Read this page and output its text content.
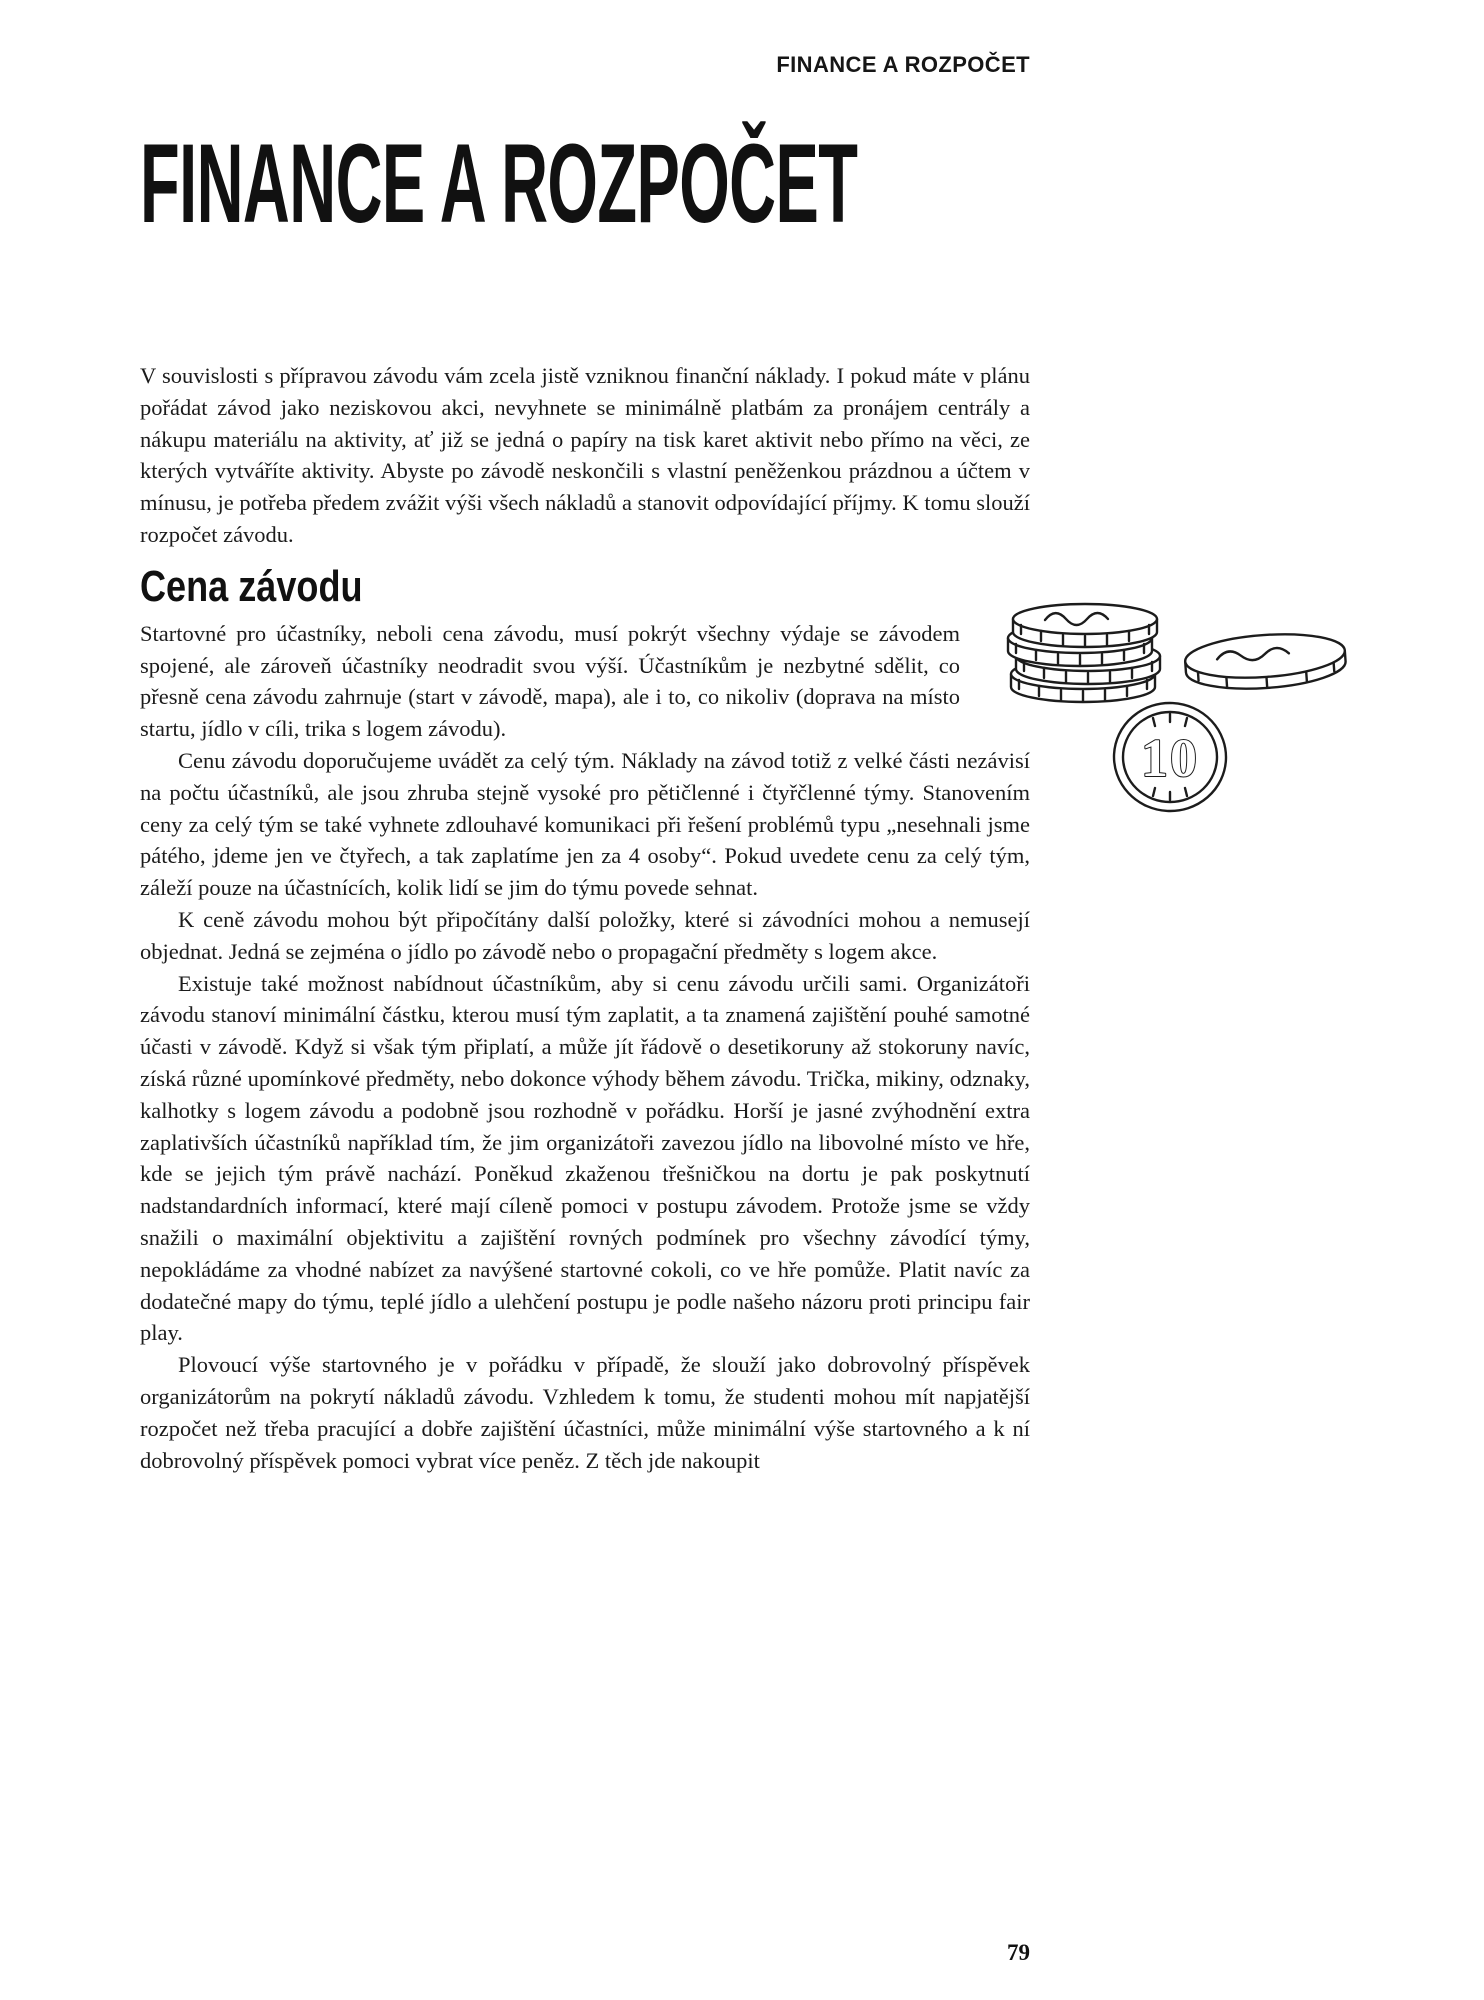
FINANCE A ROZPOČET
FINANCE A ROZPOČET

V souvislosti s přípravou závodu vám zcela jistě vzniknou finanční náklady. I pokud máte v plánu pořádat závod jako neziskovou akci, nevyhnete se minimálně platbám za pronájem centrály a nákupu materiálu na aktivity, ať již se jedná o papíry na tisk karet aktivit nebo přímo na věci, ze kterých vytváříte aktivity. Abyste po závodě neskončili s vlastní peněženkou prázdnou a účtem v mínusu, je potřeba předem zvážit výši všech nákladů a stanovit odpovídající příjmy. K tomu slouží rozpočet závodu.

Cena závodu

Startovné pro účastníky, neboli cena závodu, musí pokrýt všechny výdaje se závodem spojené, ale zároveň účastníky neodradit svou výší. Účastníkům je nezbytné sdělit, co přesně cena závodu zahrnuje (start v závodě, mapa), ale i to, co nikoliv (doprava na místo startu, jídlo v cíli, trika s logem závodu).

Cenu závodu doporučujeme uvádět za celý tým. Náklady na závod totiž z velké části nezávisí na počtu účastníků, ale jsou zhruba stejně vysoké pro pětičlenné i čtyřčlenné týmy. Stanovením ceny za celý tým se také vyhnete zdlouhavé komunikaci při řešení problémů typu „nesehnali jsme pátého, jdeme jen ve čtyřech, a tak zaplatíme jen za 4 osoby“. Pokud uvedete cenu za celý tým, záleží pouze na účastnících, kolik lidí se jim do týmu povede sehnat.

K ceně závodu mohou být připočítány další položky, které si závodníci mohou a nemusejí objednat. Jedná se zejména o jídlo po závodě nebo o propagační předměty s logem akce.

Existuje také možnost nabídnout účastníkům, aby si cenu závodu určili sami. Organizátoři závodu stanoví minimální částku, kterou musí tým zaplatit, a ta znamená zajištění pouhé samotné účasti v závodě. Když si však tým připlatí, a může jít řádově o desetikoruny až stokoruny navíc, získá různé upomínkové předměty, nebo dokonce výhody během závodu. Trička, mikiny, odznaky, kalhotky s logem závodu a podobně jsou rozhodně v pořádku. Horší je jasné zvýhodnění extra zaplativších účastníků například tím, že jim organizátoři zavezou jídlo na libovolné místo ve hře, kde se jejich tým právě nachází. Poněkud zkaženou třešničkou na dortu je pak poskytnutí nadstandardních informací, které mají cíleně pomoci v postupu závodem. Protože jsme se vždy snažili o maximální objektivitu a zajištění rovných podmínek pro všechny závodící týmy, nepokládáme za vhodné nabízet za navýšené startovné cokoli, co ve hře pomůže. Platit navíc za dodatečné mapy do týmu, teplé jídlo a ulehčení postupu je podle našeho názoru proti principu fair play.

Plovoucí výše startovného je v pořádku v případě, že slouží jako dobrovolný příspěvek organizátorům na pokrytí nákladů závodu. Vzhledem k tomu, že studenti mohou mít napjatější rozpočet než třeba pracující a dobře zajištění účastníci, může minimální výše startovného a k ní dobrovolný příspěvek pomoci vybrat více peněz. Z těch jde nakoupit

10
79
